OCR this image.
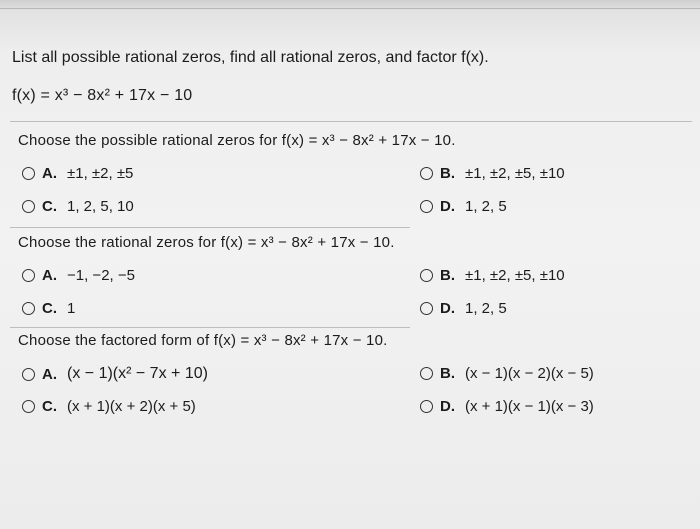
List all possible rational zeros, find all rational zeros, and factor f(x).
f(x) = x³ − 8x² + 17x − 10
Choose the possible rational zeros for f(x) = x³ − 8x² + 17x − 10.
A. ±1, ±2, ±5	B. ±1, ±2, ±5, ±10
C. 1, 2, 5, 10	D. 1, 2, 5
Choose the rational zeros for f(x) = x³ − 8x² + 17x − 10.
A. −1, −2, −5	B. ±1, ±2, ±5, ±10
C. 1	D. 1, 2, 5
Choose the factored form of f(x) = x³ − 8x² + 17x − 10.
A. (x − 1)(x² − 7x + 10)	B. (x − 1)(x − 2)(x − 5)
C. (x + 1)(x + 2)(x + 5)	D. (x + 1)(x − 1)(x − 3)
